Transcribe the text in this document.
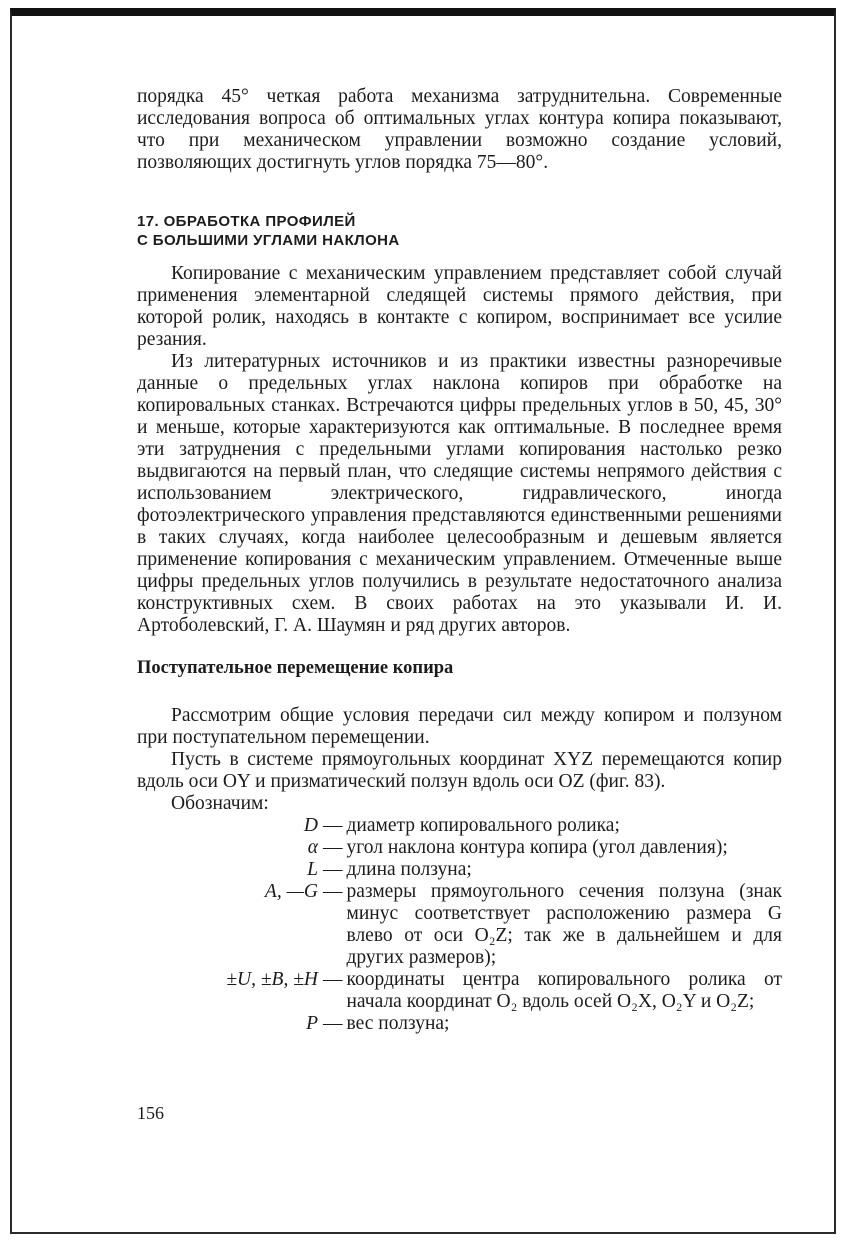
порядка 45° четкая работа механизма затруднительна. Современные исследования вопроса об оптимальных углах контура копира показывают, что при механическом управлении возможно создание условий, позволяющих достигнуть углов порядка 75—80°.

17. ОБРАБОТКА ПРОФИЛЕЙ

С БОЛЬШИМИ УГЛАМИ НАКЛОНА

Копирование с механическим управлением представляет собой случай применения элементарной следящей системы прямого действия, при которой ролик, находясь в контакте с копиром, воспринимает все усилие резания.

Из литературных источников и из практики известны разноречивые данные о предельных углах наклона копиров при обработке на копировальных станках. Встречаются цифры предельных углов в 50, 45, 30° и меньше, которые характеризуются как оптимальные. В последнее время эти затруднения с предельными углами копирования настолько резко выдвигаются на первый план, что следящие системы непрямого действия с использованием электрического, гидравлического, иногда фотоэлектрического управления представляются единственными решениями в таких случаях, когда наиболее целесообразным и дешевым является применение копирования с механическим управлением. Отмеченные выше цифры предельных углов получились в результате недостаточного анализа конструктивных схем. В своих работах на это указывали И. И. Артоболевский, Г. А. Шаумян и ряд других авторов.

Поступательное перемещение копира

Рассмотрим общие условия передачи сил между копиром и ползуном при поступательном перемещении.

Пусть в системе прямоугольных координат XYZ перемещаются копир вдоль оси OY и призматический ползун вдоль оси OZ (фиг. 83).

Обозначим:

D — диаметр копировального ролика;
α — угол наклона контура копира (угол давления);
L — длина ползуна;
A, —G — размеры прямоугольного сечения ползуна (знак минус соответствует расположению размера G влево от оси O₂Z; так же в дальнейшем и для других размеров);
±U, ±B, ±H — координаты центра копировального ролика от начала координат O₂ вдоль осей O₂X, O₂Y и O₂Z;
P — вес ползуна;
156
